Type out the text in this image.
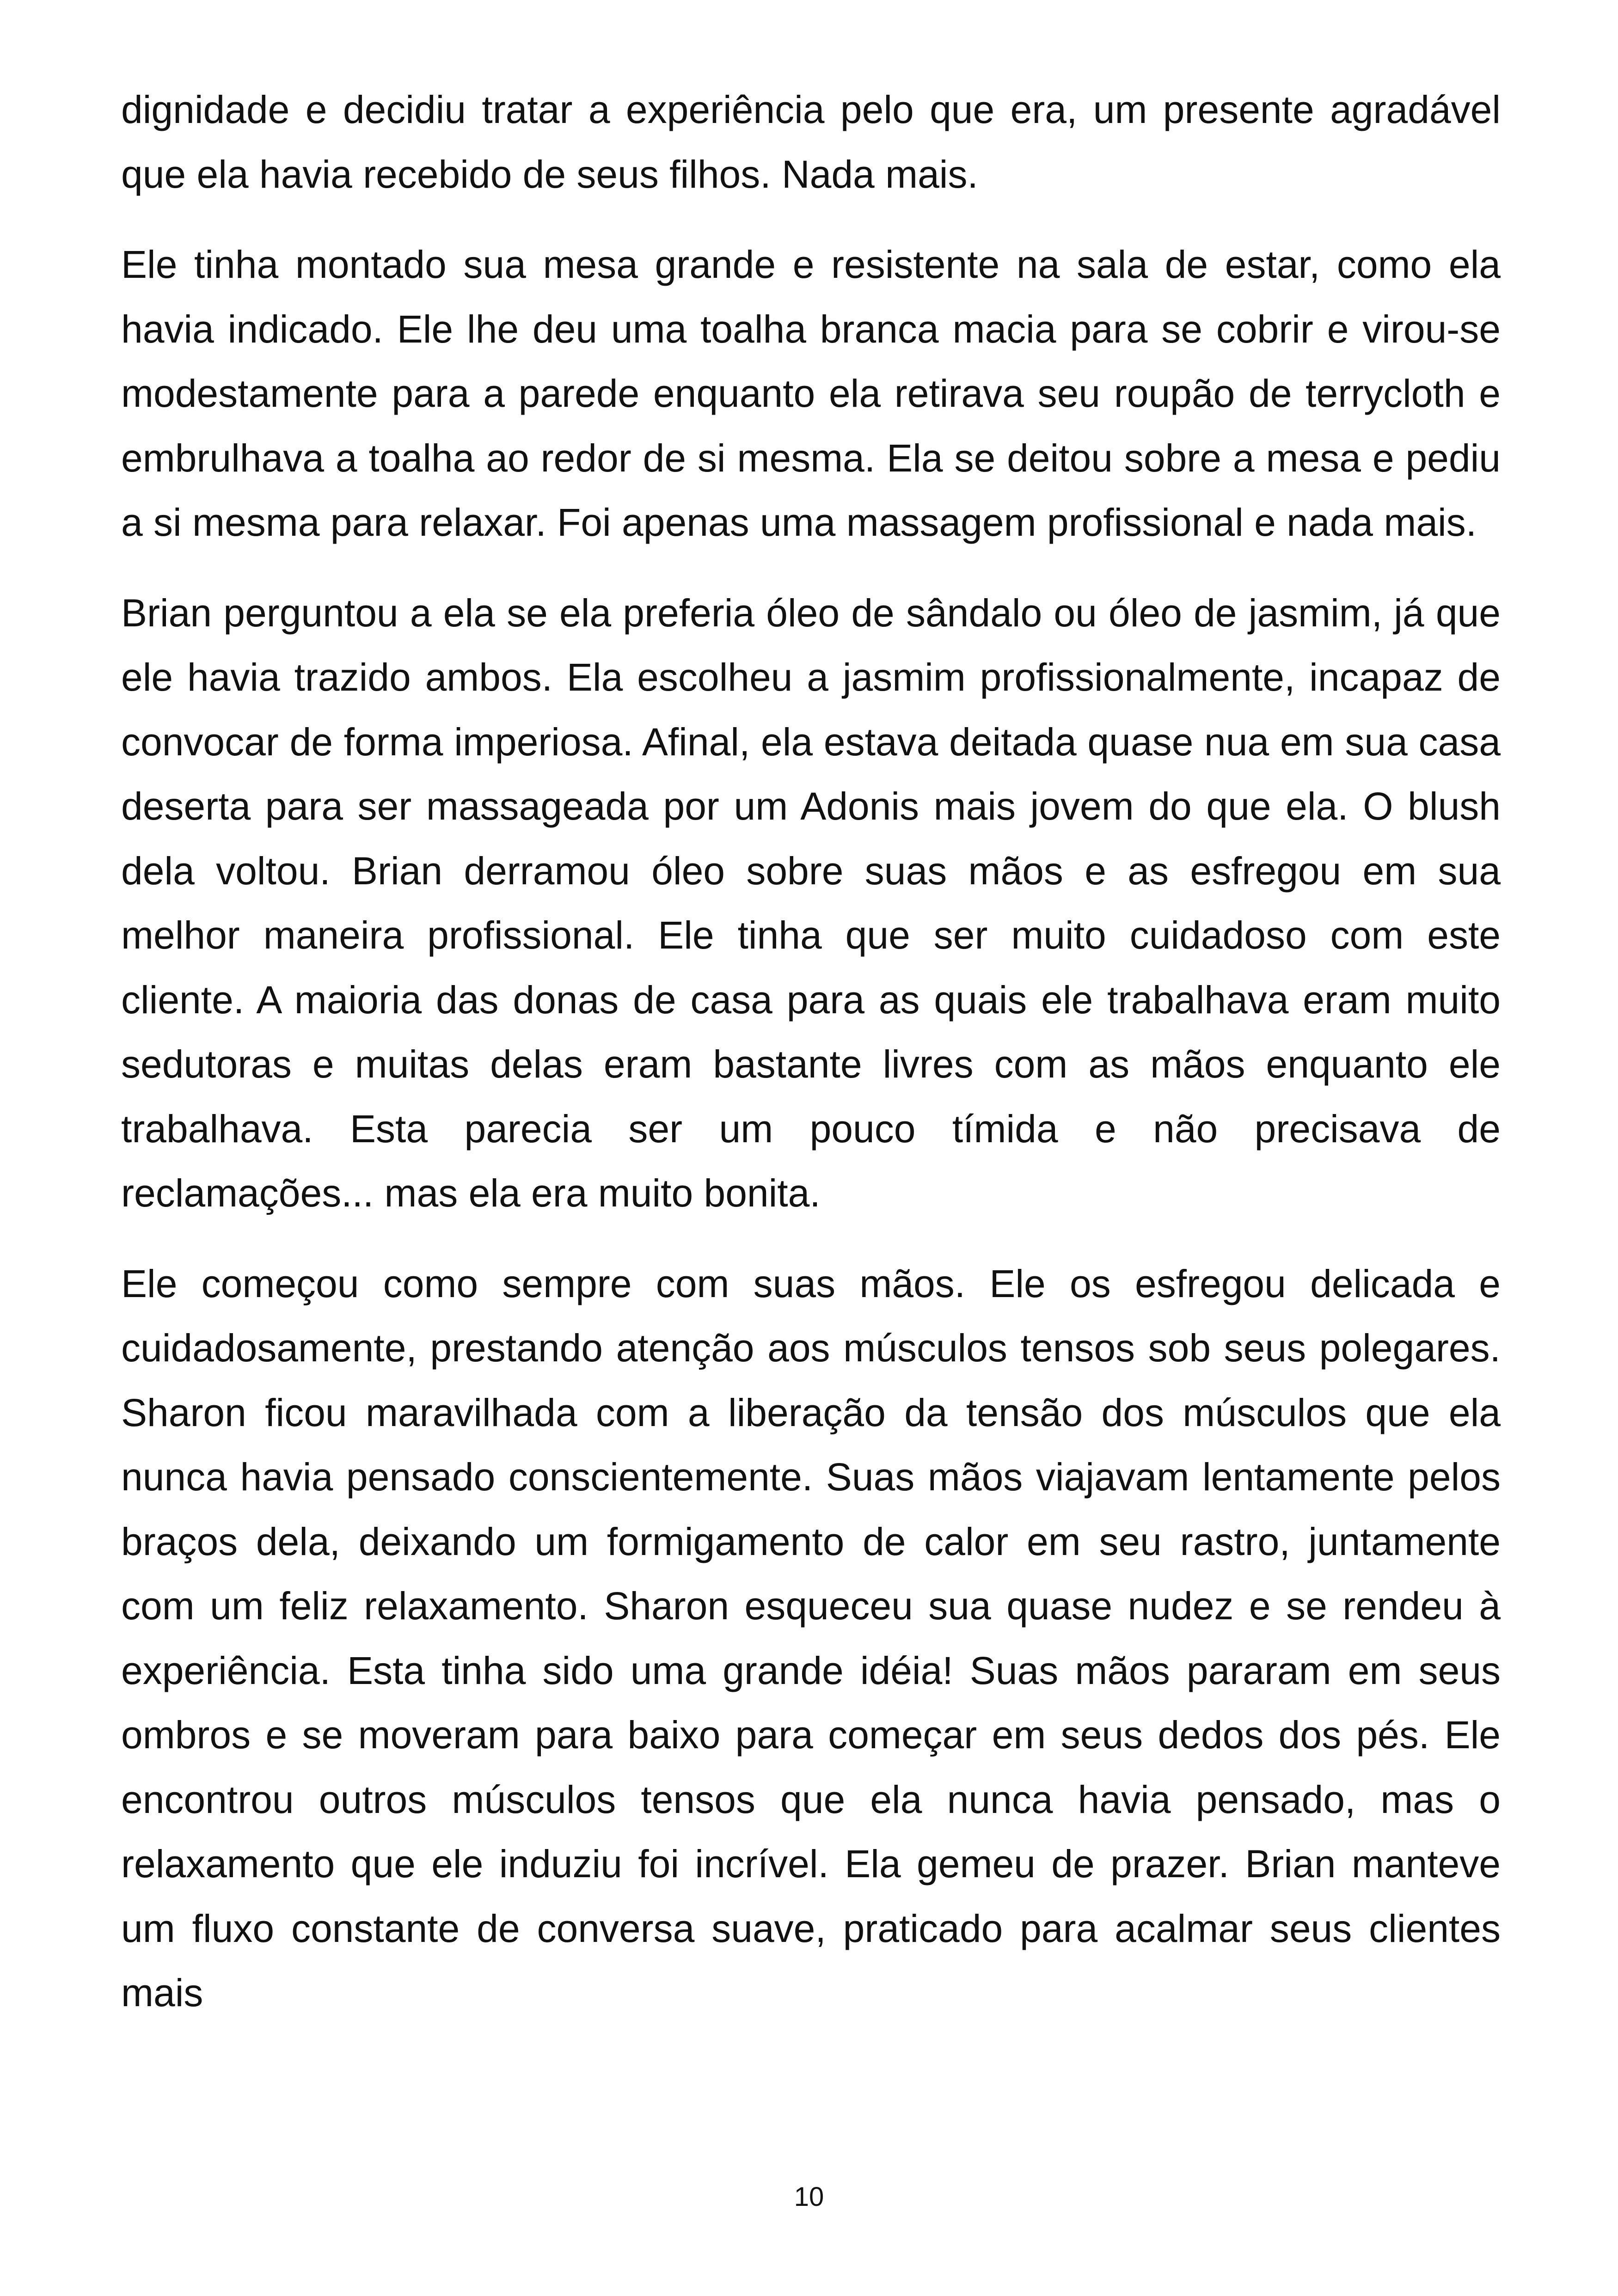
dignidade e decidiu tratar a experiência pelo que era, um presente agradável que ela havia recebido de seus filhos. Nada mais.

Ele tinha montado sua mesa grande e resistente na sala de estar, como ela havia indicado. Ele lhe deu uma toalha branca macia para se cobrir e virou-se modestamente para a parede enquanto ela retirava seu roupão de terrycloth e embrulhava a toalha ao redor de si mesma. Ela se deitou sobre a mesa e pediu a si mesma para relaxar. Foi apenas uma massagem profissional e nada mais.

Brian perguntou a ela se ela preferia óleo de sândalo ou óleo de jasmim, já que ele havia trazido ambos. Ela escolheu a jasmim profissionalmente, incapaz de convocar de forma imperiosa. Afinal, ela estava deitada quase nua em sua casa deserta para ser massageada por um Adonis mais jovem do que ela. O blush dela voltou. Brian derramou óleo sobre suas mãos e as esfregou em sua melhor maneira profissional. Ele tinha que ser muito cuidadoso com este cliente. A maioria das donas de casa para as quais ele trabalhava eram muito sedutoras e muitas delas eram bastante livres com as mãos enquanto ele trabalhava. Esta parecia ser um pouco tímida e não precisava de reclamações... mas ela era muito bonita.

Ele começou como sempre com suas mãos. Ele os esfregou delicada e cuidadosamente, prestando atenção aos músculos tensos sob seus polegares. Sharon ficou maravilhada com a liberação da tensão dos músculos que ela nunca havia pensado conscientemente. Suas mãos viajavam lentamente pelos braços dela, deixando um formigamento de calor em seu rastro, juntamente com um feliz relaxamento. Sharon esqueceu sua quase nudez e se rendeu à experiência. Esta tinha sido uma grande idéia! Suas mãos pararam em seus ombros e se moveram para baixo para começar em seus dedos dos pés. Ele encontrou outros músculos tensos que ela nunca havia pensado, mas o relaxamento que ele induziu foi incrível. Ela gemeu de prazer. Brian manteve um fluxo constante de conversa suave, praticado para acalmar seus clientes mais

10
